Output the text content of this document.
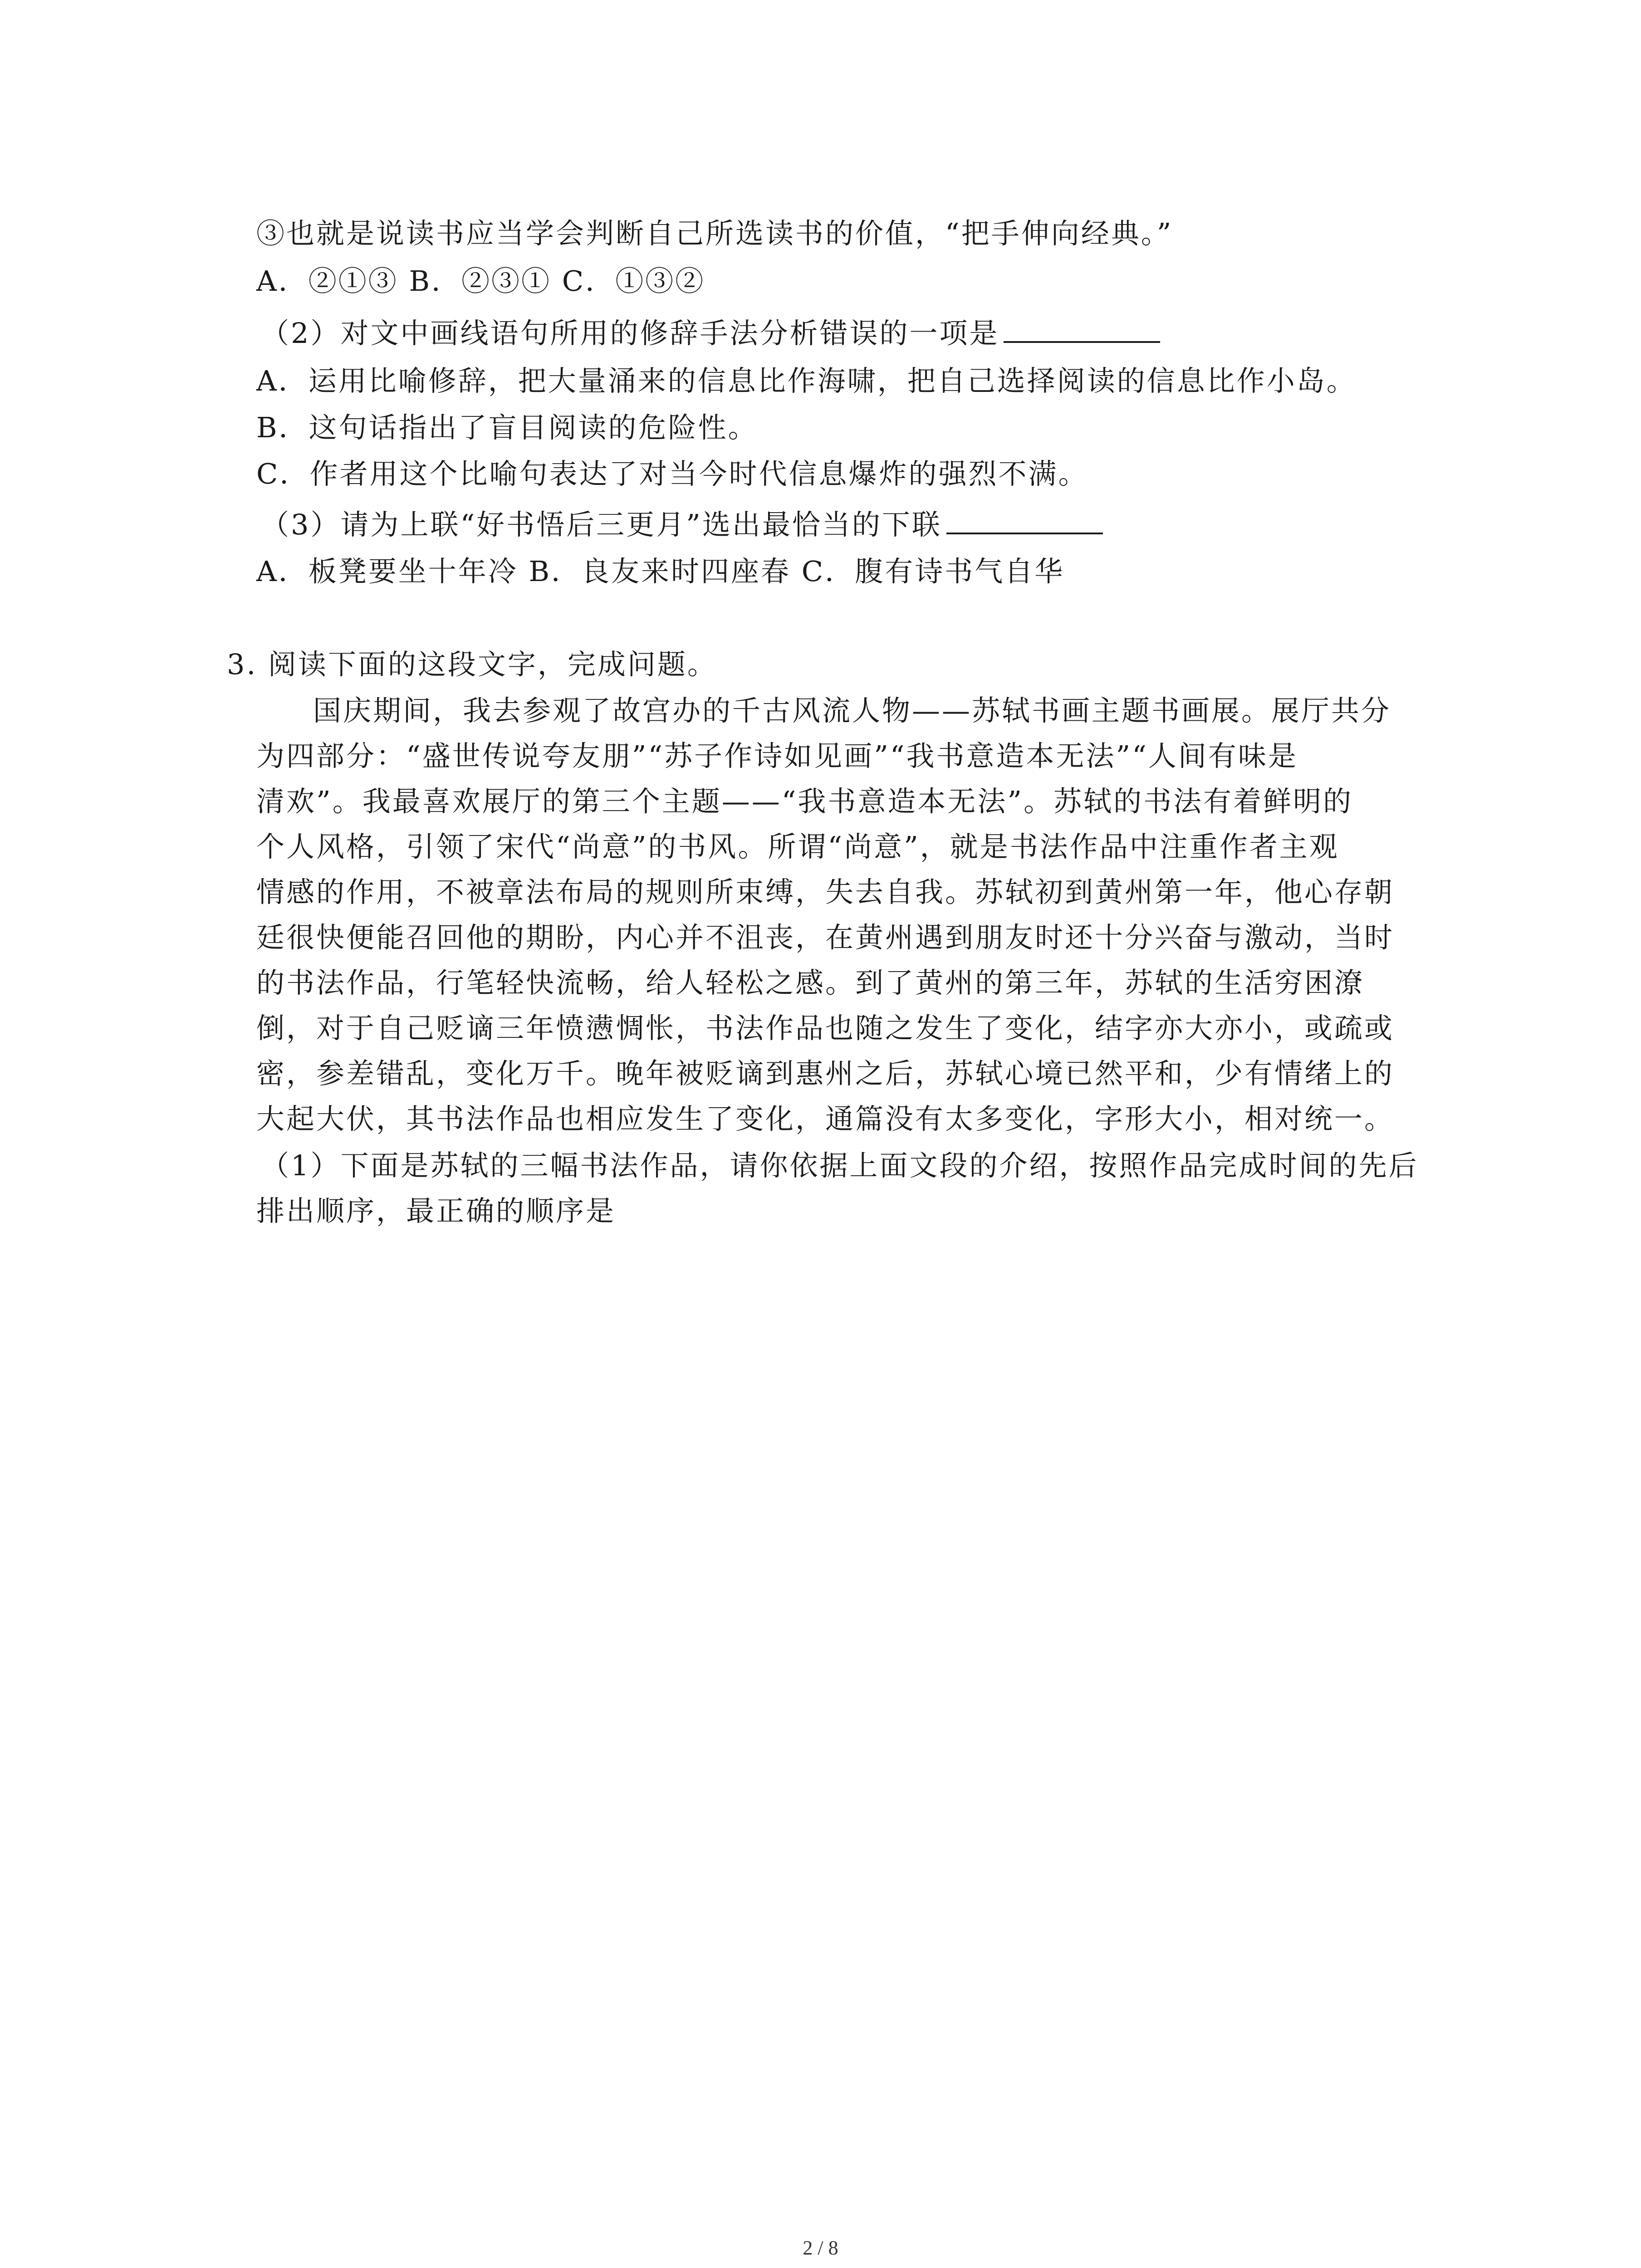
③也就是说读书应当学会判断自己所选读书的价值，“把手伸向经典。”
A．②①③ B．②③① C．①③②
（2）对文中画线语句所用的修辞手法分析错误的一项是
A．运用比喻修辞，把大量涌来的信息比作海啸，把自己选择阅读的信息比作小岛。
B．这句话指出了盲目阅读的危险性。
C．作者用这个比喻句表达了对当今时代信息爆炸的强烈不满。
（3）请为上联“好书悟后三更月”选出最恰当的下联
A．板凳要坐十年冷 B．良友来时四座春 C．腹有诗书气自华
3. 阅读下面的这段文字，完成问题。
国庆期间，我去参观了故宫办的千古风流人物——苏轼书画主题书画展。展厅共分
为四部分：“盛世传说夸友朋”“苏子作诗如见画”“我书意造本无法”“人间有味是
清欢”。我最喜欢展厅的第三个主题——“我书意造本无法”。苏轼的书法有着鲜明的
个人风格，引领了宋代“尚意”的书风。所谓“尚意”，就是书法作品中注重作者主观
情感的作用，不被章法布局的规则所束缚，失去自我。苏轼初到黄州第一年，他心存朝
廷很快便能召回他的期盼，内心并不沮丧，在黄州遇到朋友时还十分兴奋与激动，当时
的书法作品，行笔轻快流畅，给人轻松之感。到了黄州的第三年，苏轼的生活穷困潦
倒，对于自己贬谪三年愤懑惆怅，书法作品也随之发生了变化，结字亦大亦小，或疏或
密，参差错乱，变化万千。晚年被贬谪到惠州之后，苏轼心境已然平和，少有情绪上的
大起大伏，其书法作品也相应发生了变化，通篇没有太多变化，字形大小，相对统一。
（1）下面是苏轼的三幅书法作品，请你依据上面文段的介绍，按照作品完成时间的先后
排出顺序，最正确的顺序是
2 / 8
